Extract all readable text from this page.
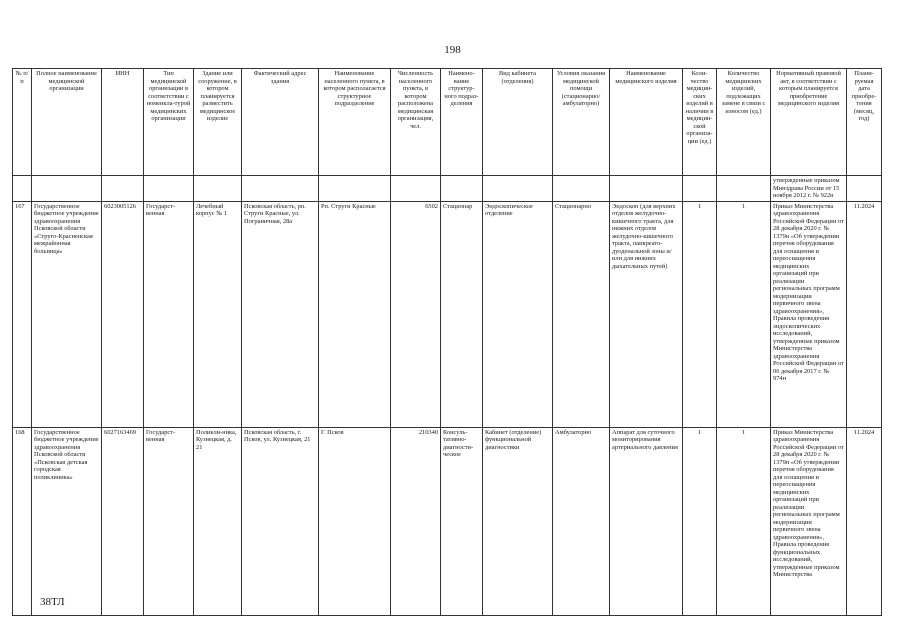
198
№ п/п	Полное наименование медицинской организации	ИНН	Тип медицинской организации в соответствии с номенкла-турой медицинских организации	Здание или сооружение, в котором планируется разместить медицинское изделие	Фактический адрес здания	Наименование населенного пункта, в котором располагается структурное подразделение	Численность населенного пункта, в котором расположена медицинская организация, чел.	Наимено-вание структур-ного подраз-деления	Вид кабинета (отделения)	Условия оказания медицинской помощи (стационарно/амбулаторно)	Наименование медицинского изделия	Коли-чество медицин-ских изделий в наличии в медицин-ской организа-ции (ед.)	Количество медицинских изделий, подлежащих замене в связи с износом (ед.)	Нормативный правовой акт, в соответствии с которым планируется приобретение медицинского изделия	Плани-руемая дата приобре-тения (месяц, год)
														утвержденные приказом Минздрава России от 15 ноября 2012 г. № 922н	
167	Государственное бюджетное учреждение здравоохранения Псковской области «Струго-Красненская межрайонная больница»	6023005126	Государст-венная	Лечебный корпус № 1	Псковская область, рп. Струги Красные, ул. Пограничная, 28а	Рп. Струги Красные	6502	Стационар	Эндоскопическое отделение	Стационарно	Эндоскоп (для верхних отделов желудочно-кишечного тракта, для нижних отделов желудочно-кишечного тракта, панкреато-дуоденальной зоны и/или для нижних дыхательных путей)	1	1	Приказ Министерства здравоохранения Российской Федерации от 28 декабря 2020 г. № 1379н «Об утверждении перечня оборудования для оснащения и переоснащения медицинских организаций при реализации региональных программ модернизации первичного звена здравоохранения», Правила проведения эндоскопических исследований, утвержденные приказом Министерства здравоохранения Российской Федерации от 06 декабря 2017 г. № 974н	11.2024
168	Государственное бюджетное учреждение здравоохранения Псковской области «Псковская детская городская поликлиника»	6027163469	Государст-венная	Поликли-ника, Кузнецкая, д. 21	Псковская область, г. Псков, ул. Кузнецкая, 21	Г. Псков	210340	Консуль-тативно-диагности-ческое	Кабинет (отделение) функциональной диагностики	Амбулаторно	Аппарат для суточного мониторирования артериального давления	1	1	Приказ Министерства здравоохранения Российской Федерации от 28 декабря 2020 г. № 1379н «Об утверждении перечня оборудования для оснащения и переоснащения медицинских организаций при реализации региональных программ модернизации первичного звена здравоохранения», Правила проведения функциональных исследований, утвержденные приказом Министерства	11.2024
38ТЛ
